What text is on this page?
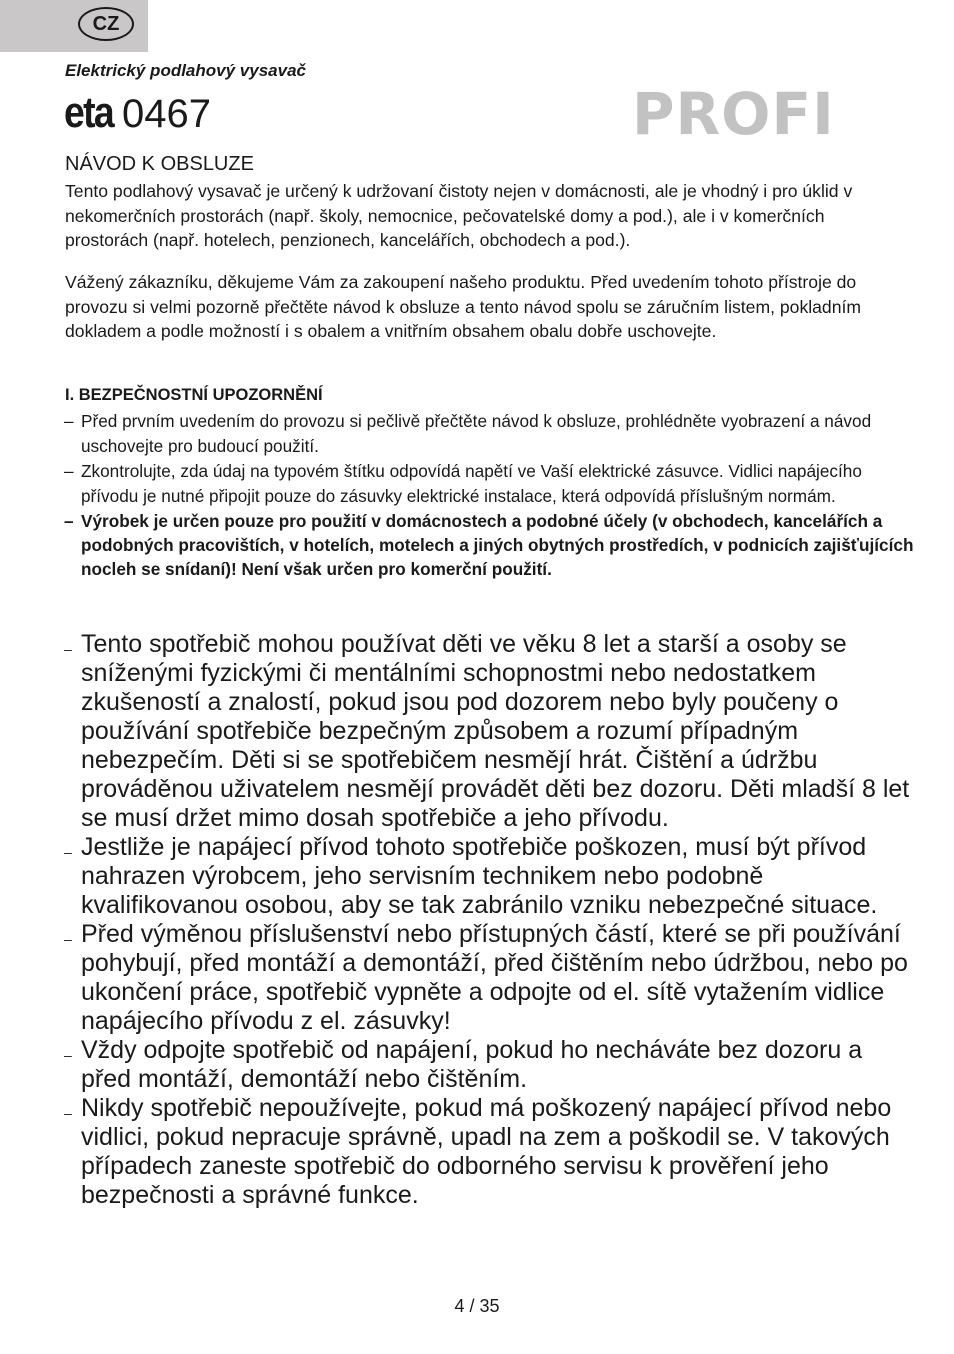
CZ
Elektrický podlahový vysavač
eta 0467	PROFI
NÁVOD K OBSLUZE

Tento podlahový vysavač je určený k udržovaní čistoty nejen v domácnosti, ale je vhodný i pro úklid v nekomerčních prostorách (např. školy, nemocnice, pečovatelské domy a pod.), ale i v komerčních prostorách (např. hotelech, penzionech, kancelářích, obchodech a pod.).

Vážený zákazníku, děkujeme Vám za zakoupení našeho produktu. Před uvedením tohoto přístroje do provozu si velmi pozorně přečtěte návod k obsluze a tento návod spolu se záručním listem, pokladním dokladem a podle možností i s obalem a vnitřním obsahem obalu dobře uschovejte.

I. BEZPEČNOSTNÍ UPOZORNĚNÍ
– Před prvním uvedením do provozu si pečlivě přečtěte návod k obsluze, prohlédněte vyobrazení a návod uschovejte pro budoucí použití.
– Zkontrolujte, zda údaj na typovém štítku odpovídá napětí ve Vaší elektrické zásuvce. Vidlici napájecího přívodu je nutné připojit pouze do zásuvky elektrické instalace, která odpovídá příslušným normám.
– Výrobek je určen pouze pro použití v domácnostech a podobné účely (v obchodech, kancelářích a podobných pracovištích, v hotelích, motelech a jiných obytných prostředích, v podnicích zajišťujících nocleh se snídaní)! Není však určen pro komerční použití.
– Tento spotřebič mohou používat děti ve věku 8 let a starší a osoby se sníženými fyzickými či mentálními schopnostmi nebo nedostatkem zkušeností a znalostí, pokud jsou pod dozorem nebo byly poučeny o používání spotřebiče bezpečným způsobem a rozumí případným nebezpečím. Děti si se spotřebičem nesmějí hrát. Čištění a údržbu prováděnou uživatelem nesmějí provádět děti bez dozoru. Děti mladší 8 let se musí držet mimo dosah spotřebiče a jeho přívodu.
– Jestliže je napájecí přívod tohoto spotřebiče poškozen, musí být přívod nahrazen výrobcem, jeho servisním technikem nebo podobně kvalifikovanou osobou, aby se tak zabránilo vzniku nebezpečné situace.
– Před výměnou příslušenství nebo přístupných částí, které se při používání pohybují, před montáží a demontáží, před čištěním nebo údržbou, nebo po ukončení práce, spotřebič vypněte a odpojte od el. sítě vytažením vidlice napájecího přívodu z el. zásuvky!
– Vždy odpojte spotřebič od napájení, pokud ho necháváte bez dozoru a před montáží, demontáží nebo čištěním.
– Nikdy spotřebič nepoužívejte, pokud má poškozený napájecí přívod nebo vidlici, pokud nepracuje správně, upadl na zem a poškodil se. V takových případech zaneste spotřebič do odborného servisu k prověření jeho bezpečnosti a správné funkce.
4 / 35
